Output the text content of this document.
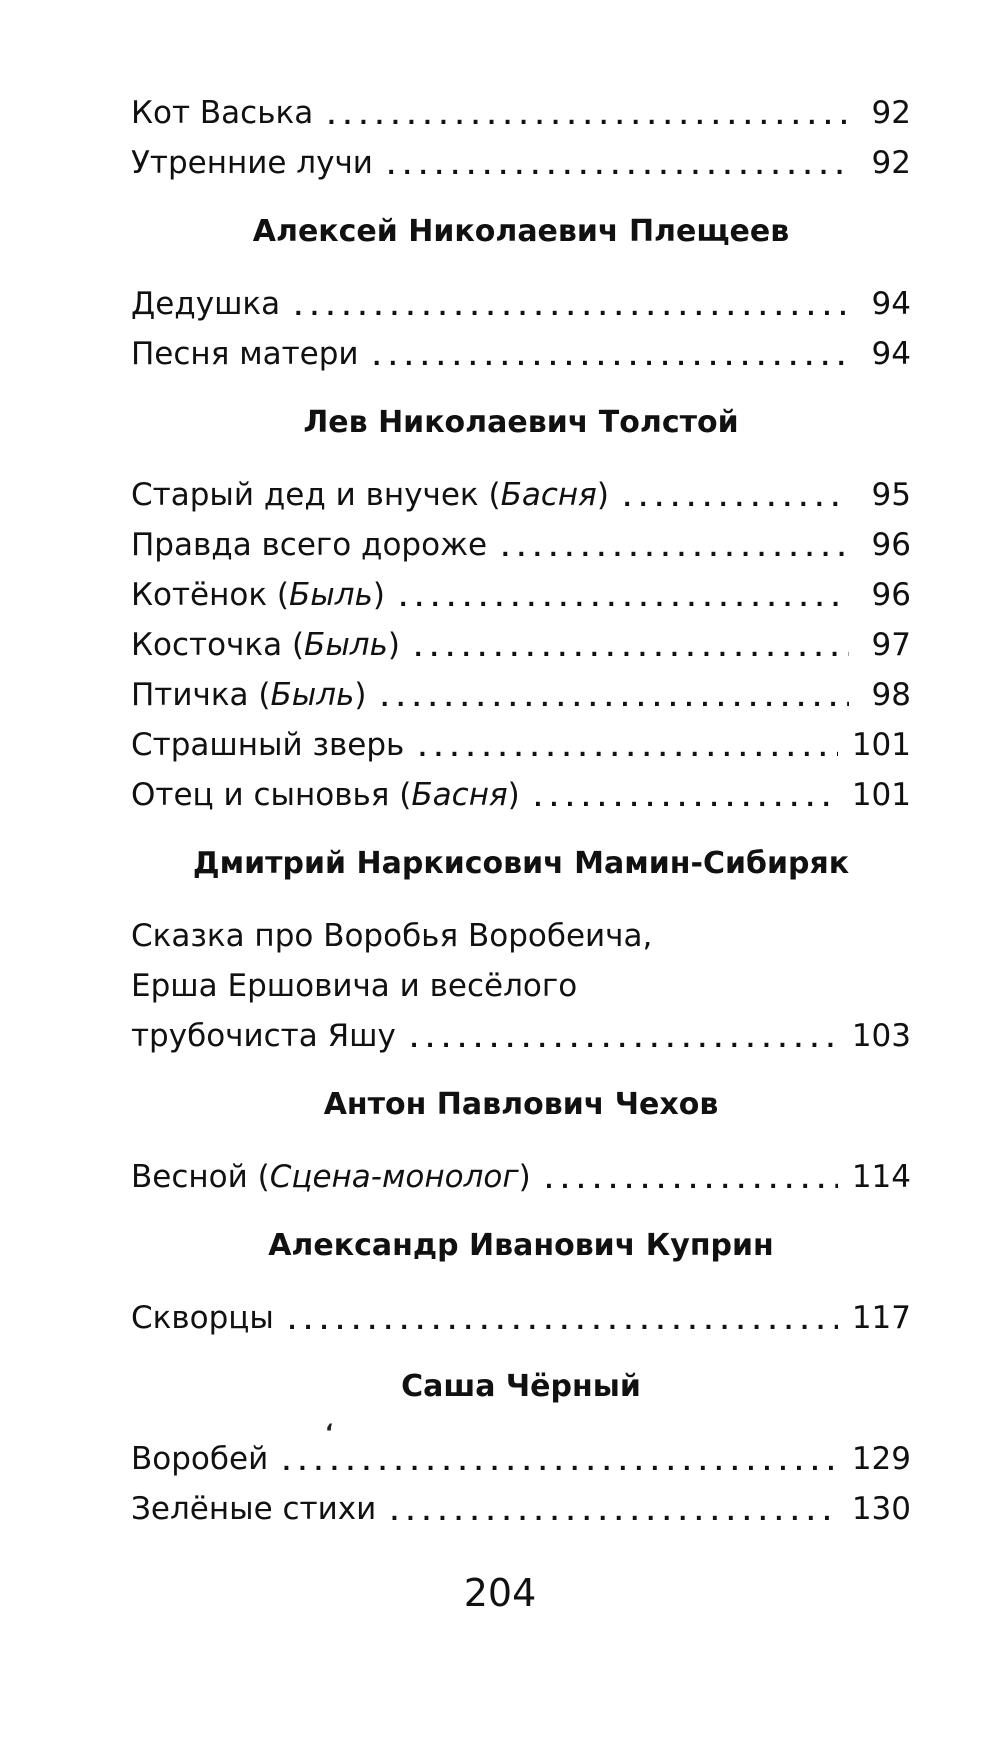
Кот Васька . . .	92
Утренние лучи . . .	92
Алексей Николаевич Плещеев
Дедушка . . .	94
Песня матери . . .	94
Лев Николаевич Толстой
Старый дед и внучек (Басня) . . .	95
Правда всего дороже . . .	96
Котёнок (Быль) . . .	96
Косточка (Быль) . . .	97
Птичка (Быль) . . .	98
Страшный зверь . . .	101
Отец и сыновья (Басня) . . .	101
Дмитрий Наркисович Мамин-Сибиряк
Сказка про Воробья Воробеича,
Ерша Ершовича и весёлого
трубочиста Яшу . . .	103
Антон Павлович Чехов
Весной (Сцена-монолог) . . .	114
Александр Иванович Куприн
Скворцы . . .	117
Саша Чёрный
Воробей . . .	129
Зелёные стихи . . .	130
ʻ
204
